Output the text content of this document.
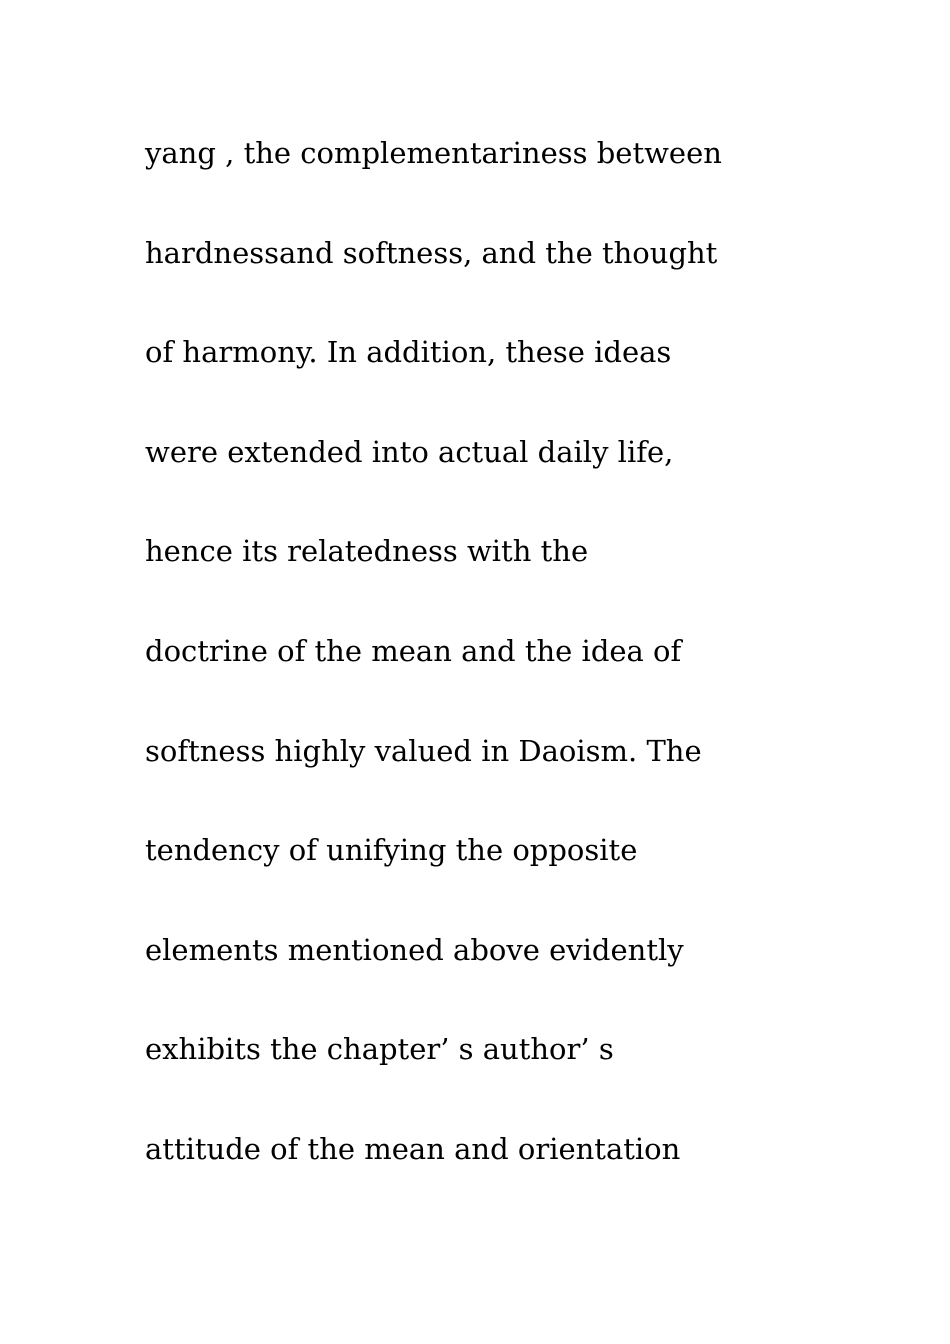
yang , the complementariness between
hardnessand softness, and the thought
of harmony. In addition, these ideas
were extended into actual daily life,
hence its relatedness with the
doctrine of the mean and the idea of
softness highly valued in Daoism. The
tendency of unifying the opposite
elements mentioned above evidently
exhibits the chapter’ s author’ s
attitude of the mean and orientation
